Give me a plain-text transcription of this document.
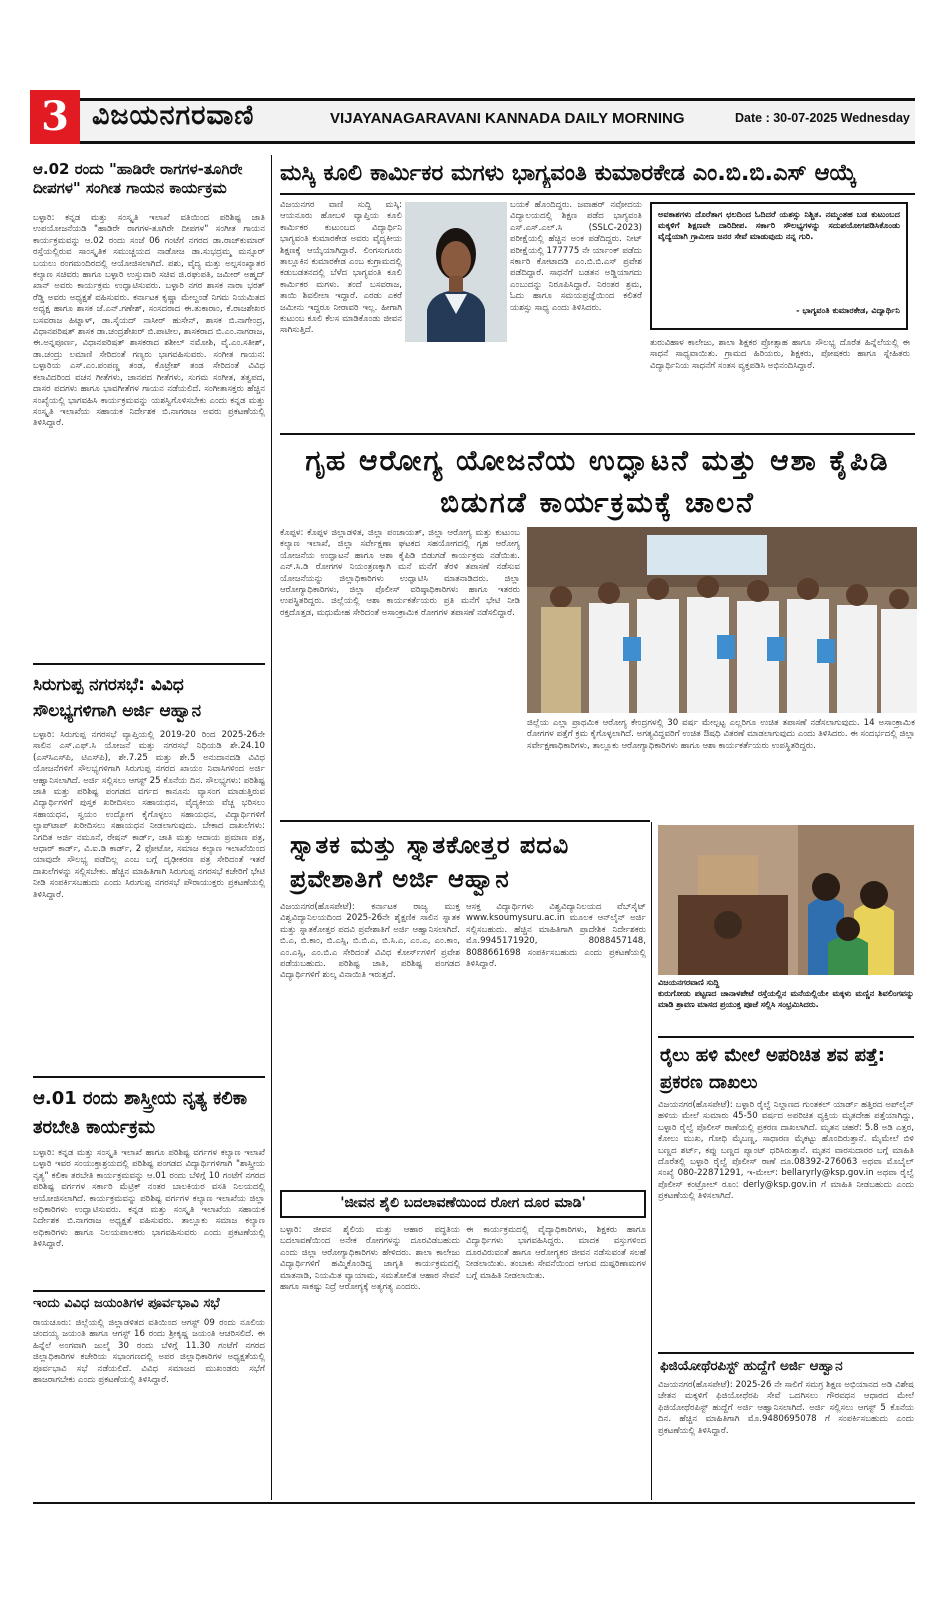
3 ವಿಜಯನಗರವಾಣಿ	VIJAYANAGARAVANI KANNADA DAILY MORNING	Date : 30-07-2025 Wednesday
ಆ.02 ರಂದು "ಹಾಡಿರೇ ರಾಗಗಳ-ತೂಗಿರೇ ದೀಪಗಳ" ಸಂಗೀತ ಗಾಯನ ಕಾರ್ಯಕ್ರಮ
ಬಳ್ಳಾರಿ: ಕನ್ನಡ ಮತ್ತು ಸಂಸ್ಕೃತಿ ಇಲಾಖೆ ವತಿಯಿಂದ ಪರಿಶಿಷ್ಟ ಜಾತಿ ಉಪಯೋಜನೆಯಡಿ "ಹಾಡಿರೇ ರಾಗಗಳ-ತೂಗಿರೇ ದೀಪಗಳ" ಸಂಗೀತ ಗಾಯನ ಕಾರ್ಯಕ್ರಮವನ್ನು ಆ.02 ರಂದು ಸಂಜೆ 06 ಗಂಟೆಗೆ ನಗರದ ಡಾ.ರಾಜ್‍ಕುಮಾರ್ ರಸ್ತೆಯಲ್ಲಿರುವ ಸಾಂಸ್ಕೃತಿಕ ಸಮುಚ್ಚಯದ ನಾಡೋಜ ಡಾ.ಸುಭದ್ರಮ್ಮ ಮನ್ಸೂರ್ ಬಯಲು ರಂಗಮಂದಿರದಲ್ಲಿ ಆಯೋಜಿಸಲಾಗಿದೆ. ಪಶು, ವೈದ್ಯ ಮತ್ತು ಅಲ್ಪಸಂಖ್ಯಾತರ ಕಲ್ಯಾಣ ಸಚಿವರು ಹಾಗೂ ಬಳ್ಳಾರಿ ಉಸ್ತುವಾರಿ ಸಚಿವ ಜಿ.ರಘುಪತಿ, ಜಮೀರ್ ಅಹ್ಮದ್ ಖಾನ್ ಅವರು ಕಾರ್ಯಕ್ರಮ ಉದ್ಘಾಟಿಸುವರು. ಬಳ್ಳಾರಿ ನಗರ ಶಾಸಕ ನಾರಾ ಭರತ್ ರೆಡ್ಡಿ ಅವರು ಅಧ್ಯಕ್ಷತೆ ವಹಿಸುವರು. ಕರ್ನಾಟಕ ಕೃಷ್ಣಾ ಮೇಲ್ದಂಡೆ ನಿಗಮ ನಿಯಮಿತದ ಅಧ್ಯಕ್ಷ ಹಾಗೂ ಶಾಸಕ ಜೆ.ಎನ್.ಗಣೇಶ್, ಸಂಸದರಾದ ಈ.ತುಕಾರಾಂ, ಕೆ.ರಾಜಶೇಖರ ಬಸವರಾಜ ಹಿಟ್ನಾಳ್, ಡಾ.ಸೈಯದ್ ನಾಸೀರ್ ಹುಸೇನ್, ಶಾಸಕ ಬಿ.ನಾಗೇಂದ್ರ, ವಿಧಾನಪರಿಷತ್ ಶಾಸಕ ಡಾ.ಚಂದ್ರಶೇಖರ್ ಬಿ.ಪಾಟೀಲ, ಶಾಸಕರಾದ ಬಿ.ಎಂ.ನಾಗರಾಜ, ಈ.ಅನ್ನಪೂರ್ಣ, ವಿಧಾನಪರಿಷತ್ ಶಾಸಕರಾದ ಶಶೀಲ್ ನಮೋಶಿ, ವೈ.ಎಂ.ಸತೀಶ್, ಡಾ.ಚಂದ್ರು ಲಮಾಣಿ ಸೇರಿದಂತೆ ಗಣ್ಯರು ಭಾಗವಹಿಸುವರು. ಸಂಗೀತ ಗಾಯನ: ಬಳ್ಳಾರಿಯ ಎಸ್.ಎಂ.ಪಂಪಣ್ಣ ತಂಡ, ಕೊಟ್ರೇಶ್ ತಂಡ ಸೇರಿದಂತೆ ವಿವಿಧ ಕಲಾವಿದರಿಂದ ವಚನ ಗೀತೆಗಳು, ಜಾನಪದ ಗೀತೆಗಳು, ಸುಗಮ ಸಂಗೀತ, ತತ್ವಪದ, ದಾಸರ ಪದಗಳು ಹಾಗೂ ಭಾವಗೀತೆಗಳ ಗಾಯನ ನಡೆಯಲಿದೆ. ಸಂಗೀತಾಸಕ್ತರು ಹೆಚ್ಚಿನ ಸಂಖ್ಯೆಯಲ್ಲಿ ಭಾಗವಹಿಸಿ ಕಾರ್ಯಕ್ರಮವನ್ನು ಯಶಸ್ವಿಗೊಳಿಸಬೇಕು ಎಂದು ಕನ್ನಡ ಮತ್ತು ಸಂಸ್ಕೃತಿ ಇಲಾಖೆಯ ಸಹಾಯಕ ನಿರ್ದೇಶಕ ಬಿ.ನಾಗರಾಜ ಅವರು ಪ್ರಕಟಣೆಯಲ್ಲಿ ತಿಳಿಸಿದ್ದಾರೆ.
ಸಿರುಗುಪ್ಪ ನಗರಸಭೆ: ವಿವಿಧ ಸೌಲಭ್ಯಗಳಿಗಾಗಿ ಅರ್ಜಿ ಆಹ್ವಾನ
ಬಳ್ಳಾರಿ: ಸಿರುಗುಪ್ಪ ನಗರಸಭೆ ವ್ಯಾಪ್ತಿಯಲ್ಲಿ 2019-20 ರಿಂದ 2025-26ನೇ ಸಾಲಿನ ಎಸ್.ಎಫ್.ಸಿ ಯೋಜನೆ ಮತ್ತು ನಗರಸಭೆ ನಿಧಿಯಡಿ ಶೇ.24.10 (ಎಸ್‍ಸಿಎಸ್‍ಪಿ, ಟಿಎಸ್‍ಪಿ), ಶೇ.7.25 ಮತ್ತು ಶೇ.5 ಅನುದಾನದಡಿ ವಿವಿಧ ಯೋಜನೆಗಳಿಗೆ ಸೌಲಭ್ಯಗಳಿಗಾಗಿ ಸಿರುಗುಪ್ಪ ನಗರದ ಖಾಯಂ ನಿವಾಸಿಗಳಿಂದ ಅರ್ಜಿ ಆಹ್ವಾನಿಸಲಾಗಿದೆ. ಅರ್ಜಿ ಸಲ್ಲಿಸಲು ಆಗಸ್ಟ್ 25 ಕೊನೆಯ ದಿನ. ಸೌಲಭ್ಯಗಳು: ಪರಿಶಿಷ್ಟ ಜಾತಿ ಮತ್ತು ಪರಿಶಿಷ್ಟ ಪಂಗಡದ ವರ್ಗದ ಕಾನೂನು ವ್ಯಾಸಂಗ ಮಾಡುತ್ತಿರುವ ವಿದ್ಯಾರ್ಥಿಗಳಿಗೆ ಪುಸ್ತಕ ಖರೀದಿಸಲು ಸಹಾಯಧನ, ವೈದ್ಯಕೀಯ ವೆಚ್ಚ ಭರಿಸಲು ಸಹಾಯಧನ, ಸ್ವಯಂ ಉದ್ಯೋಗ ಕೈಗೊಳ್ಳಲು ಸಹಾಯಧನ, ವಿದ್ಯಾರ್ಥಿಗಳಿಗೆ ಲ್ಯಾಪ್‍ಟಾಪ್ ಖರೀದಿಸಲು ಸಹಾಯಧನ ನೀಡಲಾಗುವುದು. ಬೇಕಾದ ದಾಖಲೆಗಳು: ನಿಗದಿತ ಅರ್ಜಿ ನಮೂನೆ, ರೇಷನ್ ಕಾರ್ಡ್, ಜಾತಿ ಮತ್ತು ಆದಾಯ ಪ್ರಮಾಣ ಪತ್ರ, ಆಧಾರ್ ಕಾರ್ಡ್, ವಿ.ಐ.ಡಿ ಕಾರ್ಡ್, 2 ಫೋಟೋ, ಸಮಾಜ ಕಲ್ಯಾಣ ಇಲಾಖೆಯಿಂದ ಯಾವುದೇ ಸೌಲಭ್ಯ ಪಡೆದಿಲ್ಲ ಎಂಬ ಬಗ್ಗೆ ದೃಢೀಕರಣ ಪತ್ರ ಸೇರಿದಂತೆ ಇತರೆ ದಾಖಲೆಗಳನ್ನು ಸಲ್ಲಿಸಬೇಕು. ಹೆಚ್ಚಿನ ಮಾಹಿತಿಗಾಗಿ ಸಿರುಗುಪ್ಪ ನಗರಸಭೆ ಕಚೇರಿಗೆ ಭೇಟಿ ನೀಡಿ ಸಂಪರ್ಕಿಸಬಹುದು ಎಂದು ಸಿರುಗುಪ್ಪ ನಗರಸಭೆ ಪೌರಾಯುಕ್ತರು ಪ್ರಕಟಣೆಯಲ್ಲಿ ತಿಳಿಸಿದ್ದಾರೆ.
ಆ.01 ರಂದು ಶಾಸ್ತ್ರೀಯ ನೃತ್ಯ ಕಲಿಕಾ ತರಬೇತಿ ಕಾರ್ಯಕ್ರಮ
ಬಳ್ಳಾರಿ: ಕನ್ನಡ ಮತ್ತು ಸಂಸ್ಕೃತಿ ಇಲಾಖೆ ಹಾಗೂ ಪರಿಶಿಷ್ಟ ವರ್ಗಗಳ ಕಲ್ಯಾಣ ಇಲಾಖೆ ಬಳ್ಳಾರಿ ಇವರ ಸಂಯುಕ್ತಾಶ್ರಯದಲ್ಲಿ ಪರಿಶಿಷ್ಟ ಪಂಗಡದ ವಿದ್ಯಾರ್ಥಿಗಳಿಗಾಗಿ "ಶಾಸ್ತ್ರೀಯ ನೃತ್ಯ" ಕಲಿಕಾ ತರಬೇತಿ ಕಾರ್ಯಕ್ರಮವನ್ನು ಆ.01 ರಂದು ಬೆಳಿಗ್ಗೆ 10 ಗಂಟೆಗೆ ನಗರದ ಪರಿಶಿಷ್ಟ ವರ್ಗಗಳ ಸರ್ಕಾರಿ ಮೆಟ್ರಿಕ್ ನಂತರ ಬಾಲಕಿಯರ ವಸತಿ ನಿಲಯದಲ್ಲಿ ಆಯೋಜಿಸಲಾಗಿದೆ. ಕಾರ್ಯಕ್ರಮವನ್ನು ಪರಿಶಿಷ್ಟ ವರ್ಗಗಳ ಕಲ್ಯಾಣ ಇಲಾಖೆಯ ಜಿಲ್ಲಾ ಅಧಿಕಾರಿಗಳು ಉದ್ಘಾಟಿಸುವರು. ಕನ್ನಡ ಮತ್ತು ಸಂಸ್ಕೃತಿ ಇಲಾಖೆಯ ಸಹಾಯಕ ನಿರ್ದೇಶಕ ಬಿ.ನಾಗರಾಜ ಅಧ್ಯಕ್ಷತೆ ವಹಿಸುವರು. ತಾಲ್ಲೂಕು ಸಮಾಜ ಕಲ್ಯಾಣ ಅಧಿಕಾರಿಗಳು ಹಾಗೂ ನಿಲಯಪಾಲಕರು ಭಾಗವಹಿಸುವರು ಎಂದು ಪ್ರಕಟಣೆಯಲ್ಲಿ ತಿಳಿಸಿದ್ದಾರೆ.
ಇಂದು ವಿವಿಧ ಜಯಂತಿಗಳ ಪೂರ್ವಭಾವಿ ಸಭೆ
ರಾಯಚೂರು: ಜಿಲ್ಲೆಯಲ್ಲಿ ಜಿಲ್ಲಾಡಳಿತದ ವತಿಯಿಂದ ಆಗಸ್ಟ್ 09 ರಂದು ನೂಲಿಯ ಚಂದಯ್ಯ ಜಯಂತಿ ಹಾಗೂ ಆಗಸ್ಟ್ 16 ರಂದು ಶ್ರೀಕೃಷ್ಣ ಜಯಂತಿ ಆಚರಿಸಲಿದೆ. ಈ ಹಿನ್ನೆಲೆ ಅಂಗವಾಗಿ ಜುಲೈ 30 ರಂದು ಬೆಳಿಗ್ಗೆ 11.30 ಗಂಟೆಗೆ ನಗರದ ಜಿಲ್ಲಾಧಿಕಾರಿಗಳ ಕಚೇರಿಯ ಸಭಾಂಗಣದಲ್ಲಿ ಅಪರ ಜಿಲ್ಲಾಧಿಕಾರಿಗಳ ಅಧ್ಯಕ್ಷತೆಯಲ್ಲಿ ಪೂರ್ವಭಾವಿ ಸಭೆ ನಡೆಯಲಿದೆ. ವಿವಿಧ ಸಮಾಜದ ಮುಖಂಡರು ಸಭೆಗೆ ಹಾಜರಾಗಬೇಕು ಎಂದು ಪ್ರಕಟಣೆಯಲ್ಲಿ ತಿಳಿಸಿದ್ದಾರೆ.
ಮಸ್ಕಿ ಕೂಲಿ ಕಾರ್ಮಿಕರ ಮಗಳು ಭಾಗ್ಯವಂತಿ ಕುಮಾರಕೇಡ ಎಂ.ಬಿ.ಬಿ.ಎಸ್ ಆಯ್ಕೆ
ವಿಜಯನಗರ ವಾಣಿ ಸುದ್ದಿ ಮಸ್ಕಿ: ಆಯನೂರು ಹೋಬಳಿ ವ್ಯಾಪ್ತಿಯ ಕೂಲಿ ಕಾರ್ಮಿಕರ ಕುಟುಂಬದ ವಿದ್ಯಾರ್ಥಿನಿ ಭಾಗ್ಯವಂತಿ ಕುಮಾರಕೇಡ ಅವರು ವೈದ್ಯಕೀಯ ಶಿಕ್ಷಣಕ್ಕೆ ಆಯ್ಕೆಯಾಗಿದ್ದಾರೆ. ಲಿಂಗಸುಗೂರು ತಾಲ್ಲೂಕಿನ ಕುಮಾರಕೇಡ ಎಂಬ ಕುಗ್ರಾಮದಲ್ಲಿ ಕಡುಬಡತನದಲ್ಲಿ ಬೆಳೆದ ಭಾಗ್ಯವಂತಿ ಕೂಲಿ ಕಾರ್ಮಿಕರ ಮಗಳು. ತಂದೆ ಬಸವರಾಜ, ತಾಯಿ ಶಿವಲೀಲಾ ಇದ್ದಾರೆ. ಎರಡು ಎಕರೆ ಜಮೀನು ಇದ್ದರೂ ನೀರಾವರಿ ಇಲ್ಲ. ಹೀಗಾಗಿ ಕುಟುಂಬ ಕೂಲಿ ಕೆಲಸ ಮಾಡಿಕೊಂಡು ಜೀವನ ಸಾಗಿಸುತ್ತಿದೆ.
ಬಯಕೆ ಹೊಂದಿದ್ದರು. ಜವಾಹರ್ ನವೋದಯ ವಿದ್ಯಾಲಯದಲ್ಲಿ ಶಿಕ್ಷಣ ಪಡೆದ ಭಾಗ್ಯವಂತಿ ಎಸ್.ಎಸ್.ಎಲ್.ಸಿ (SSLC-2023) ಪರೀಕ್ಷೆಯಲ್ಲಿ ಹೆಚ್ಚಿನ ಅಂಕ ಪಡೆದಿದ್ದರು. ನೀಟ್ ಪರೀಕ್ಷೆಯಲ್ಲಿ 177775 ನೇ ರ್ಯಾಂಕ್ ಪಡೆದು ಸರ್ಕಾರಿ ಕೋಟಾದಡಿ ಎಂ.ಬಿ.ಬಿ.ಎಸ್ ಪ್ರವೇಶ ಪಡೆದಿದ್ದಾರೆ. ಸಾಧನೆಗೆ ಬಡತನ ಅಡ್ಡಿಯಾಗದು ಎಂಬುದನ್ನು ನಿರೂಪಿಸಿದ್ದಾರೆ. ನಿರಂತರ ಶ್ರಮ, ಓದು ಹಾಗೂ ಸಮಯಪ್ರಜ್ಞೆಯಿಂದ ಕಲಿತರೆ ಯಶಸ್ಸು ಸಾಧ್ಯ ಎಂದು ತಿಳಿಸಿದರು.
ಅವಕಾಶಗಳು ದೊರೆತಾಗ ಛಲದಿಂದ ಓದಿದರೆ ಯಶಸ್ಸು ನಿಶ್ಚಿತ. ನಮ್ಮಂತಹ ಬಡ ಕುಟುಂಬದ ಮಕ್ಕಳಿಗೆ ಶಿಕ್ಷಣವೇ ದಾರಿದೀಪ. ಸರ್ಕಾರಿ ಸೌಲಭ್ಯಗಳನ್ನು ಸದುಪಯೋಗಪಡಿಸಿಕೊಂಡು ವೈದ್ಯೆಯಾಗಿ ಗ್ರಾಮೀಣ ಜನರ ಸೇವೆ ಮಾಡುವುದು ನನ್ನ ಗುರಿ.
- ಭಾಗ್ಯವಂತಿ ಕುಮಾರಕೇಡ, ವಿದ್ಯಾರ್ಥಿನಿ
ತುರುವಿಹಾಳ ಕಾಲೇಜು, ಶಾಲಾ ಶಿಕ್ಷಕರ ಪ್ರೋತ್ಸಾಹ ಹಾಗೂ ಸೌಲಭ್ಯ ದೊರೆತ ಹಿನ್ನೆಲೆಯಲ್ಲಿ ಈ ಸಾಧನೆ ಸಾಧ್ಯವಾಯಿತು. ಗ್ರಾಮದ ಹಿರಿಯರು, ಶಿಕ್ಷಕರು, ಪೋಷಕರು ಹಾಗೂ ಸ್ನೇಹಿತರು ವಿದ್ಯಾರ್ಥಿನಿಯ ಸಾಧನೆಗೆ ಸಂತಸ ವ್ಯಕ್ತಪಡಿಸಿ ಅಭಿನಂದಿಸಿದ್ದಾರೆ.
ಗೃಹ ಆರೋಗ್ಯ ಯೋಜನೆಯ ಉದ್ಘಾಟನೆ ಮತ್ತು ಆಶಾ ಕೈಪಿಡಿ ಬಿಡುಗಡೆ ಕಾರ್ಯಕ್ರಮಕ್ಕೆ ಚಾಲನೆ
ಕೊಪ್ಪಳ: ಕೊಪ್ಪಳ ಜಿಲ್ಲಾಡಳಿತ, ಜಿಲ್ಲಾ ಪಂಚಾಯತ್, ಜಿಲ್ಲಾ ಆರೋಗ್ಯ ಮತ್ತು ಕುಟುಂಬ ಕಲ್ಯಾಣ ಇಲಾಖೆ, ಜಿಲ್ಲಾ ಸರ್ವೇಕ್ಷಣಾ ಘಟಕದ ಸಹಯೋಗದಲ್ಲಿ ಗೃಹ ಆರೋಗ್ಯ ಯೋಜನೆಯ ಉದ್ಘಾಟನೆ ಹಾಗೂ ಆಶಾ ಕೈಪಿಡಿ ಬಿಡುಗಡೆ ಕಾರ್ಯಕ್ರಮ ನಡೆಯಿತು. ಎನ್.ಸಿ.ಡಿ ರೋಗಗಳ ನಿಯಂತ್ರಣಕ್ಕಾಗಿ ಮನೆ ಮನೆಗೆ ತೆರಳಿ ತಪಾಸಣೆ ನಡೆಸುವ ಯೋಜನೆಯನ್ನು ಜಿಲ್ಲಾಧಿಕಾರಿಗಳು ಉದ್ಘಾಟಿಸಿ ಮಾತನಾಡಿದರು. ಜಿಲ್ಲಾ ಆರೋಗ್ಯಾಧಿಕಾರಿಗಳು, ಜಿಲ್ಲಾ ಪೊಲೀಸ್ ವರಿಷ್ಠಾಧಿಕಾರಿಗಳು ಹಾಗೂ ಇತರರು ಉಪಸ್ಥಿತರಿದ್ದರು. ಜಿಲ್ಲೆಯಲ್ಲಿ ಆಶಾ ಕಾರ್ಯಕರ್ತೆಯರು ಪ್ರತಿ ಮನೆಗೆ ಭೇಟಿ ನೀಡಿ ರಕ್ತದೊತ್ತಡ, ಮಧುಮೇಹ ಸೇರಿದಂತೆ ಅಸಾಂಕ್ರಾಮಿಕ ರೋಗಗಳ ತಪಾಸಣೆ ನಡೆಸಲಿದ್ದಾರೆ.
ಜಿಲ್ಲೆಯ ಎಲ್ಲಾ ಪ್ರಾಥಮಿಕ ಆರೋಗ್ಯ ಕೇಂದ್ರಗಳಲ್ಲಿ 30 ವರ್ಷ ಮೇಲ್ಪಟ್ಟ ಎಲ್ಲರಿಗೂ ಉಚಿತ ತಪಾಸಣೆ ನಡೆಸಲಾಗುವುದು. 14 ಅಸಾಂಕ್ರಾಮಿಕ ರೋಗಗಳ ಪತ್ತೆಗೆ ಕ್ರಮ ಕೈಗೊಳ್ಳಲಾಗಿದೆ. ಅಗತ್ಯವಿದ್ದವರಿಗೆ ಉಚಿತ ಔಷಧಿ ವಿತರಣೆ ಮಾಡಲಾಗುವುದು ಎಂದು ತಿಳಿಸಿದರು. ಈ ಸಂದರ್ಭದಲ್ಲಿ ಜಿಲ್ಲಾ ಸರ್ವೇಕ್ಷಣಾಧಿಕಾರಿಗಳು, ತಾಲ್ಲೂಕು ಆರೋಗ್ಯಾಧಿಕಾರಿಗಳು ಹಾಗೂ ಆಶಾ ಕಾರ್ಯಕರ್ತೆಯರು ಉಪಸ್ಥಿತರಿದ್ದರು.
ಸ್ನಾತಕ ಮತ್ತು ಸ್ನಾತಕೋತ್ತರ ಪದವಿ ಪ್ರವೇಶಾತಿಗೆ ಅರ್ಜಿ ಆಹ್ವಾನ
ವಿಜಯನಗರ(ಹೊಸಪೇಟೆ): ಕರ್ನಾಟಕ ರಾಜ್ಯ ಮುಕ್ತ ವಿಶ್ವವಿದ್ಯಾನಿಲಯದಿಂದ 2025-26ನೇ ಶೈಕ್ಷಣಿಕ ಸಾಲಿನ ಸ್ನಾತಕ ಮತ್ತು ಸ್ನಾತಕೋತ್ತರ ಪದವಿ ಪ್ರವೇಶಾತಿಗೆ ಅರ್ಜಿ ಆಹ್ವಾನಿಸಲಾಗಿದೆ. ಬಿ.ಎ, ಬಿ.ಕಾಂ, ಬಿ.ಎಸ್ಸಿ, ಬಿ.ಬಿ.ಎ, ಬಿ.ಸಿ.ಎ, ಎಂ.ಎ, ಎಂ.ಕಾಂ, ಎಂ.ಎಸ್ಸಿ, ಎಂ.ಬಿ.ಎ ಸೇರಿದಂತೆ ವಿವಿಧ ಕೋರ್ಸ್‍ಗಳಿಗೆ ಪ್ರವೇಶ ಪಡೆಯಬಹುದು. ಪರಿಶಿಷ್ಟ ಜಾತಿ, ಪರಿಶಿಷ್ಟ ಪಂಗಡದ ವಿದ್ಯಾರ್ಥಿಗಳಿಗೆ ಶುಲ್ಕ ವಿನಾಯಿತಿ ಇರುತ್ತದೆ.
ಆಸಕ್ತ ವಿದ್ಯಾರ್ಥಿಗಳು ವಿಶ್ವವಿದ್ಯಾನಿಲಯದ ವೆಬ್‍ಸೈಟ್ www.ksoumysuru.ac.in ಮೂಲಕ ಆನ್‍ಲೈನ್ ಅರ್ಜಿ ಸಲ್ಲಿಸಬಹುದು. ಹೆಚ್ಚಿನ ಮಾಹಿತಿಗಾಗಿ ಪ್ರಾದೇಶಿಕ ನಿರ್ದೇಶಕರು ಮೊ.9945171920, 8088457148, 8088661698 ಸಂಪರ್ಕಿಸಬಹುದು ಎಂದು ಪ್ರಕಟಣೆಯಲ್ಲಿ ತಿಳಿಸಿದ್ದಾರೆ.
'ಜೀವನ ಶೈಲಿ ಬದಲಾವಣೆಯಿಂದ ರೋಗ ದೂರ ಮಾಡಿ'
ಬಳ್ಳಾರಿ: ಜೀವನ ಶೈಲಿಯ ಮತ್ತು ಆಹಾರ ಪದ್ಧತಿಯ ಬದಲಾವಣೆಯಿಂದ ಅನೇಕ ರೋಗಗಳನ್ನು ದೂರವಿಡಬಹುದು ಎಂದು ಜಿಲ್ಲಾ ಆರೋಗ್ಯಾಧಿಕಾರಿಗಳು ಹೇಳಿದರು. ಶಾಲಾ ಕಾಲೇಜು ವಿದ್ಯಾರ್ಥಿಗಳಿಗೆ ಹಮ್ಮಿಕೊಂಡಿದ್ದ ಜಾಗೃತಿ ಕಾರ್ಯಕ್ರಮದಲ್ಲಿ ಮಾತನಾಡಿ, ನಿಯಮಿತ ವ್ಯಾಯಾಮ, ಸಮತೋಲಿತ ಆಹಾರ ಸೇವನೆ ಹಾಗೂ ಸಾಕಷ್ಟು ನಿದ್ರೆ ಆರೋಗ್ಯಕ್ಕೆ ಅತ್ಯಗತ್ಯ ಎಂದರು.
ಈ ಕಾರ್ಯಕ್ರಮದಲ್ಲಿ ವೈದ್ಯಾಧಿಕಾರಿಗಳು, ಶಿಕ್ಷಕರು ಹಾಗೂ ವಿದ್ಯಾರ್ಥಿಗಳು ಭಾಗವಹಿಸಿದ್ದರು. ಮಾದಕ ವಸ್ತುಗಳಿಂದ ದೂರವಿರುವಂತೆ ಹಾಗೂ ಆರೋಗ್ಯಕರ ಜೀವನ ನಡೆಸುವಂತೆ ಸಲಹೆ ನೀಡಲಾಯಿತು. ತಂಬಾಕು ಸೇವನೆಯಿಂದ ಆಗುವ ದುಷ್ಪರಿಣಾಮಗಳ ಬಗ್ಗೆ ಮಾಹಿತಿ ನೀಡಲಾಯಿತು.
ವಿಜಯನಗರವಾಣಿ ಸುದ್ದಿ
ಕುರುಗೋಡು ಪಟ್ಟಣದ ಚಾನಾಳಪೇಟೆ ರಸ್ತೆಯಲ್ಲಿನ ಮನೆಯಲ್ಲಿಯೇ ಮಕ್ಕಳು ಮಣ್ಣಿನ ಶಿವಲಿಂಗವನ್ನು ಮಾಡಿ ಶ್ರಾವಣ ಮಾಸದ ಪ್ರಯುಕ್ತ ಪೂಜೆ ಸಲ್ಲಿಸಿ ಸಂಭ್ರಮಿಸಿದರು.
ರೈಲು ಹಳಿ ಮೇಲೆ ಅಪರಿಚಿತ ಶವ ಪತ್ತೆ: ಪ್ರಕರಣ ದಾಖಲು
ವಿಜಯನಗರ(ಹೊಸಪೇಟೆ): ಬಳ್ಳಾರಿ ರೈಲ್ವೆ ನಿಲ್ದಾಣದ ಗುಂತಕಲ್ ಯಾರ್ಡ್ ಹತ್ತಿರದ ಅಪ್‍ಲೈನ್ ಹಳಿಯ ಮೇಲೆ ಸುಮಾರು 45-50 ವರ್ಷದ ಅಪರಿಚಿತ ವ್ಯಕ್ತಿಯ ಮೃತದೇಹ ಪತ್ತೆಯಾಗಿದ್ದು, ಬಳ್ಳಾರಿ ರೈಲ್ವೆ ಪೊಲೀಸ್ ಠಾಣೆಯಲ್ಲಿ ಪ್ರಕರಣ ದಾಖಲಾಗಿದೆ. ಮೃತನ ಚಹರೆ: 5.8 ಅಡಿ ಎತ್ತರ, ಕೋಲು ಮುಖ, ಗೋಧಿ ಮೈಬಣ್ಣ, ಸಾಧಾರಣ ಮೈಕಟ್ಟು ಹೊಂದಿರುತ್ತಾನೆ. ಮೈಮೇಲೆ ಬಿಳಿ ಬಣ್ಣದ ಶರ್ಟ್, ಕಪ್ಪು ಬಣ್ಣದ ಪ್ಯಾಂಟ್ ಧರಿಸಿರುತ್ತಾನೆ. ಮೃತನ ವಾರಸುದಾರರ ಬಗ್ಗೆ ಮಾಹಿತಿ ದೊರೆತಲ್ಲಿ ಬಳ್ಳಾರಿ ರೈಲ್ವೆ ಪೊಲೀಸ್ ಠಾಣೆ ದೂ.08392-276063 ಅಥವಾ ಮೊಬೈಲ್ ಸಂಖ್ಯೆ 080-22871291, ಇ-ಮೇಲ್: bellaryrly@ksp.gov.in ಅಥವಾ ರೈಲ್ವೆ ಪೊಲೀಸ್ ಕಂಟ್ರೋಲ್ ರೂಂ: derly@ksp.gov.in ಗೆ ಮಾಹಿತಿ ನೀಡಬಹುದು ಎಂದು ಪ್ರಕಟಣೆಯಲ್ಲಿ ತಿಳಿಸಲಾಗಿದೆ.
ಫಿಜಿಯೋಥೆರಪಿಸ್ಟ್ ಹುದ್ದೆಗೆ ಅರ್ಜಿ ಆಹ್ವಾನ
ವಿಜಯನಗರ(ಹೊಸಪೇಟೆ): 2025-26 ನೇ ಸಾಲಿಗೆ ಸಮಗ್ರ ಶಿಕ್ಷಣ ಅಭಿಯಾನದ ಅಡಿ ವಿಶೇಷ ಚೇತನ ಮಕ್ಕಳಿಗೆ ಫಿಜಿಯೋಥೆರಪಿ ಸೇವೆ ಒದಗಿಸಲು ಗೌರವಧನ ಆಧಾರದ ಮೇಲೆ ಫಿಜಿಯೋಥೆರಪಿಸ್ಟ್ ಹುದ್ದೆಗೆ ಅರ್ಜಿ ಆಹ್ವಾನಿಸಲಾಗಿದೆ. ಅರ್ಜಿ ಸಲ್ಲಿಸಲು ಆಗಸ್ಟ್ 5 ಕೊನೆಯ ದಿನ. ಹೆಚ್ಚಿನ ಮಾಹಿತಿಗಾಗಿ ಮೊ.9480695078 ಗೆ ಸಂಪರ್ಕಿಸಬಹುದು ಎಂದು ಪ್ರಕಟಣೆಯಲ್ಲಿ ತಿಳಿಸಿದ್ದಾರೆ.
